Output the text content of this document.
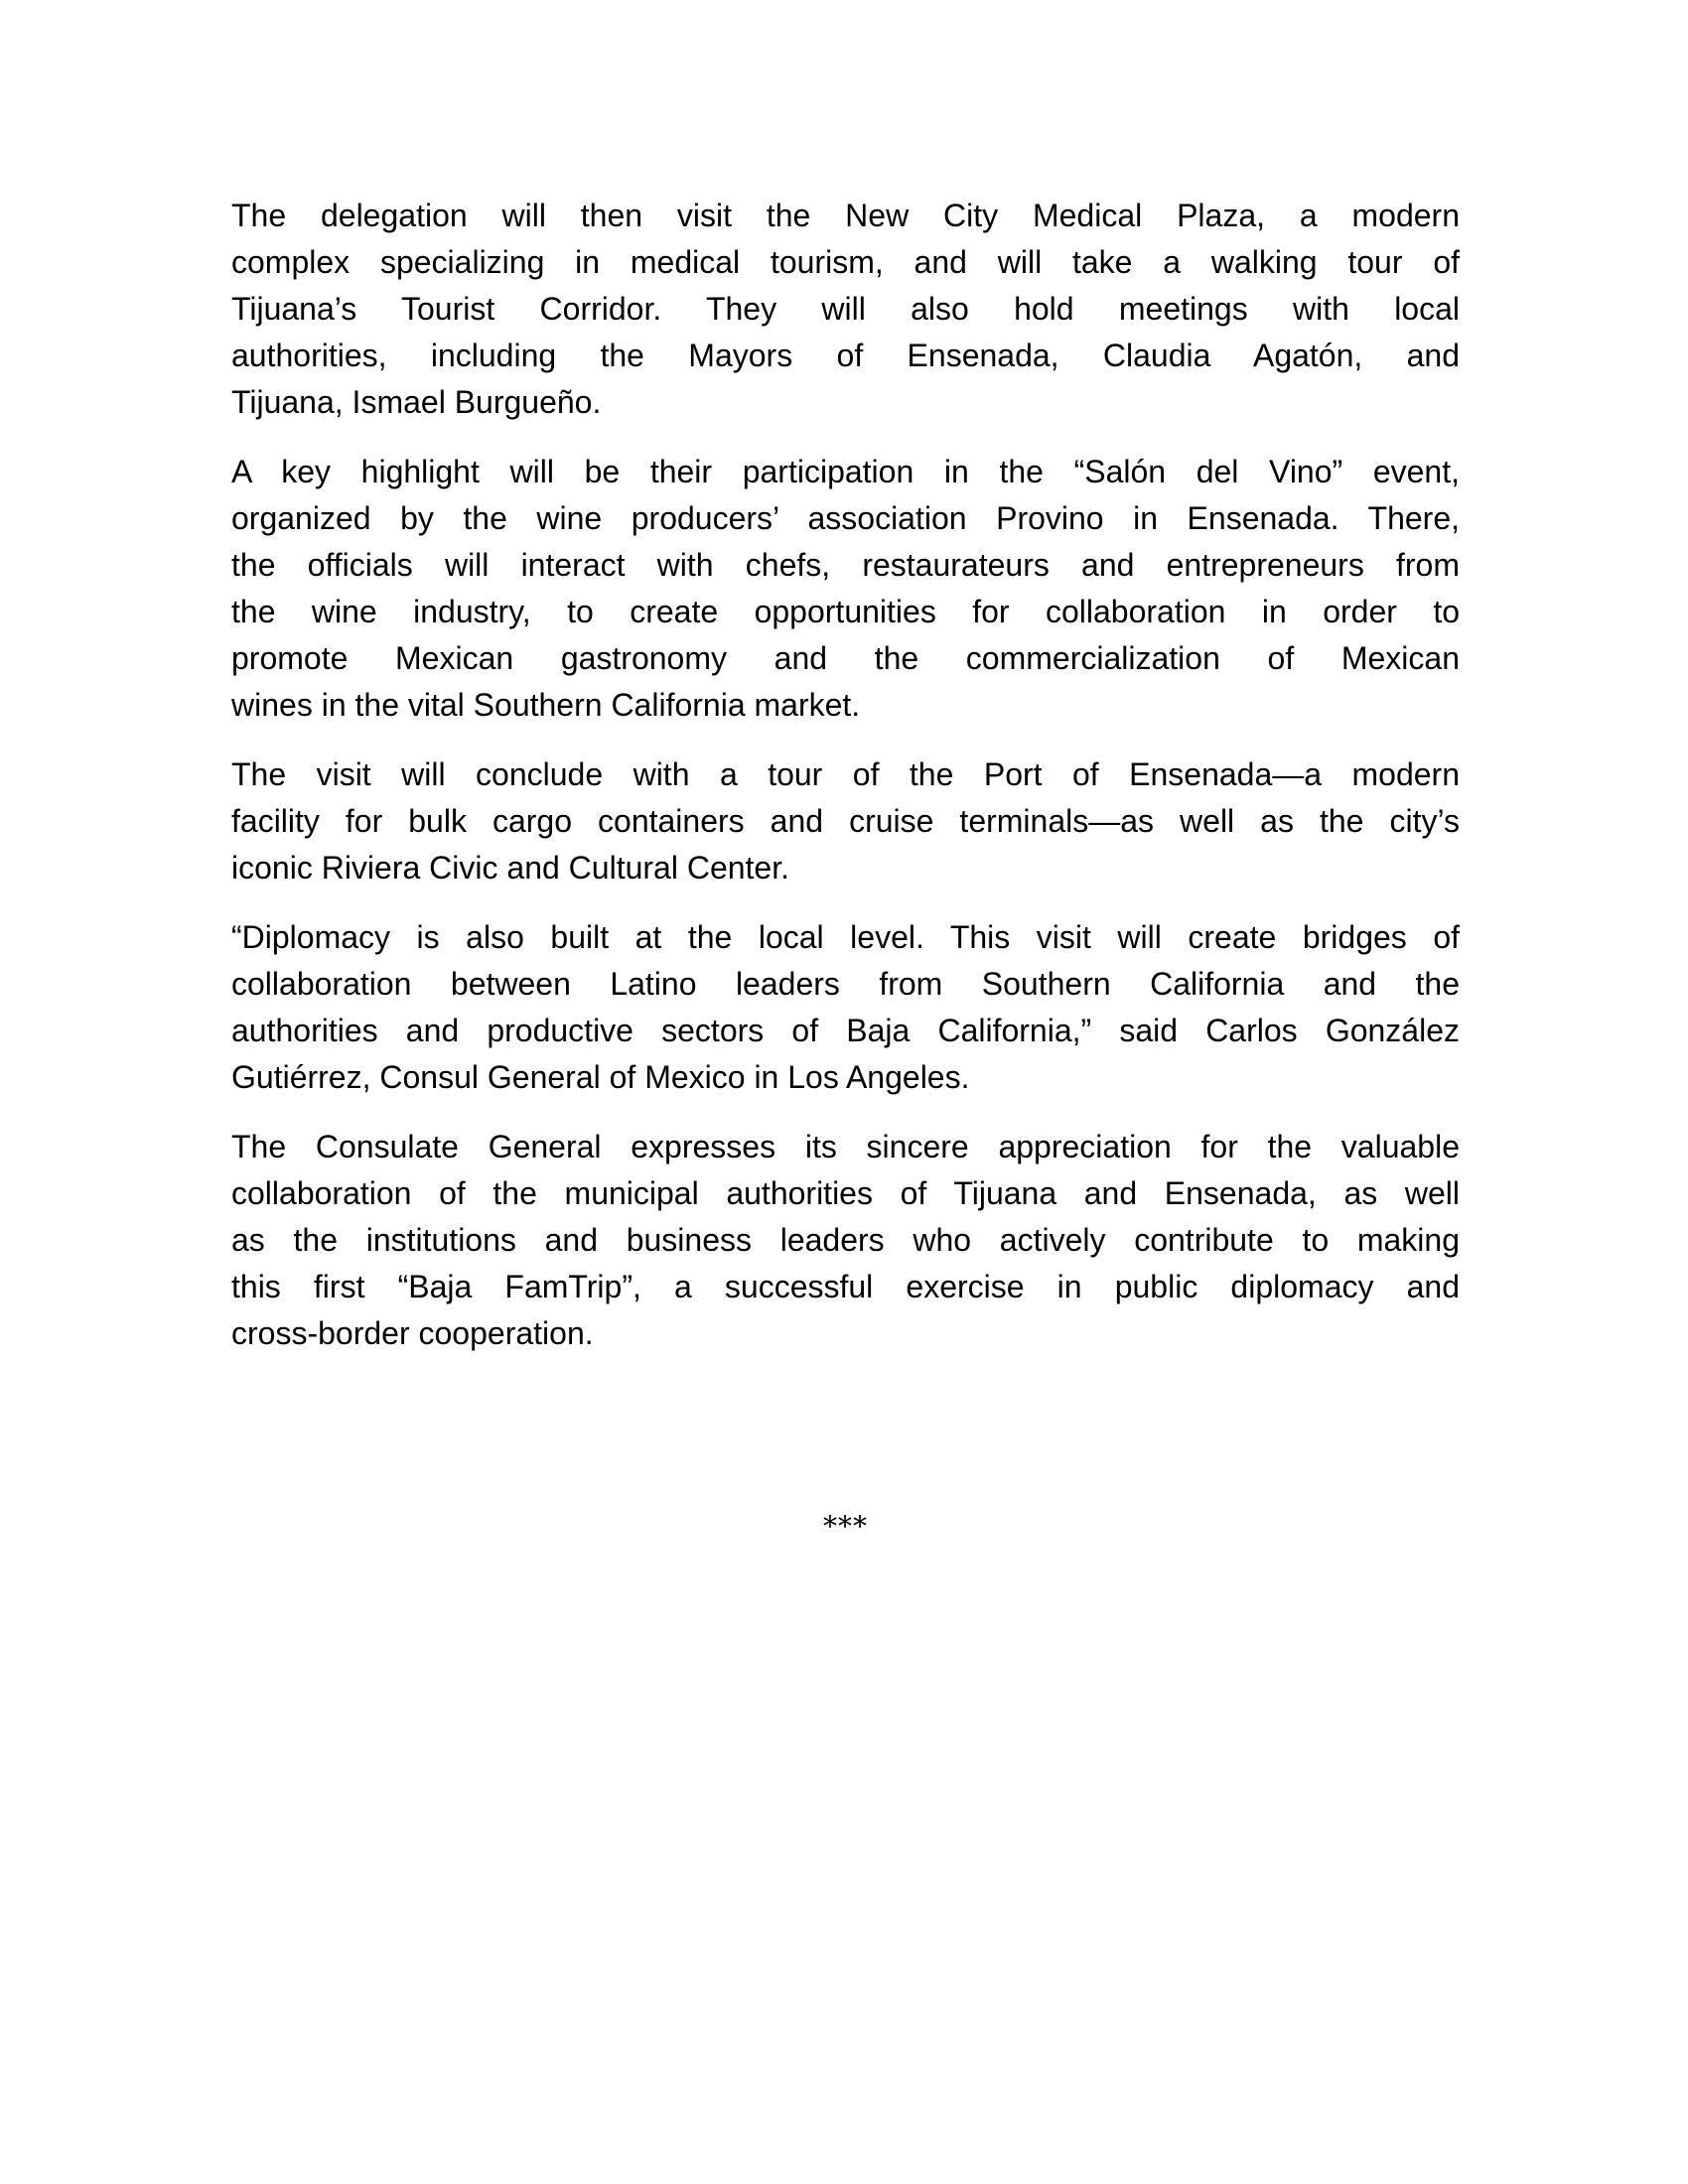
The delegation will then visit the New City Medical Plaza, a modern
complex specializing in medical tourism, and will take a walking tour of
Tijuana’s Tourist Corridor. They will also hold meetings with local
authorities, including the Mayors of Ensenada, Claudia Agatón, and
Tijuana, Ismael Burgueño.

A key highlight will be their participation in the “Salón del Vino” event,
organized by the wine producers’ association Provino in Ensenada. There,
the officials will interact with chefs, restaurateurs and entrepreneurs from
the wine industry, to create opportunities for collaboration in order to
promote Mexican gastronomy and the commercialization of Mexican
wines in the vital Southern California market.

The visit will conclude with a tour of the Port of Ensenada—a modern
facility for bulk cargo containers and cruise terminals—as well as the city’s
iconic Riviera Civic and Cultural Center.

“Diplomacy is also built at the local level. This visit will create bridges of
collaboration between Latino leaders from Southern California and the
authorities and productive sectors of Baja California,” said Carlos González
Gutiérrez, Consul General of Mexico in Los Angeles.

The Consulate General expresses its sincere appreciation for the valuable
collaboration of the municipal authorities of Tijuana and Ensenada, as well
as the institutions and business leaders who actively contribute to making
this first “Baja FamTrip”, a successful exercise in public diplomacy and
cross-border cooperation.

***
